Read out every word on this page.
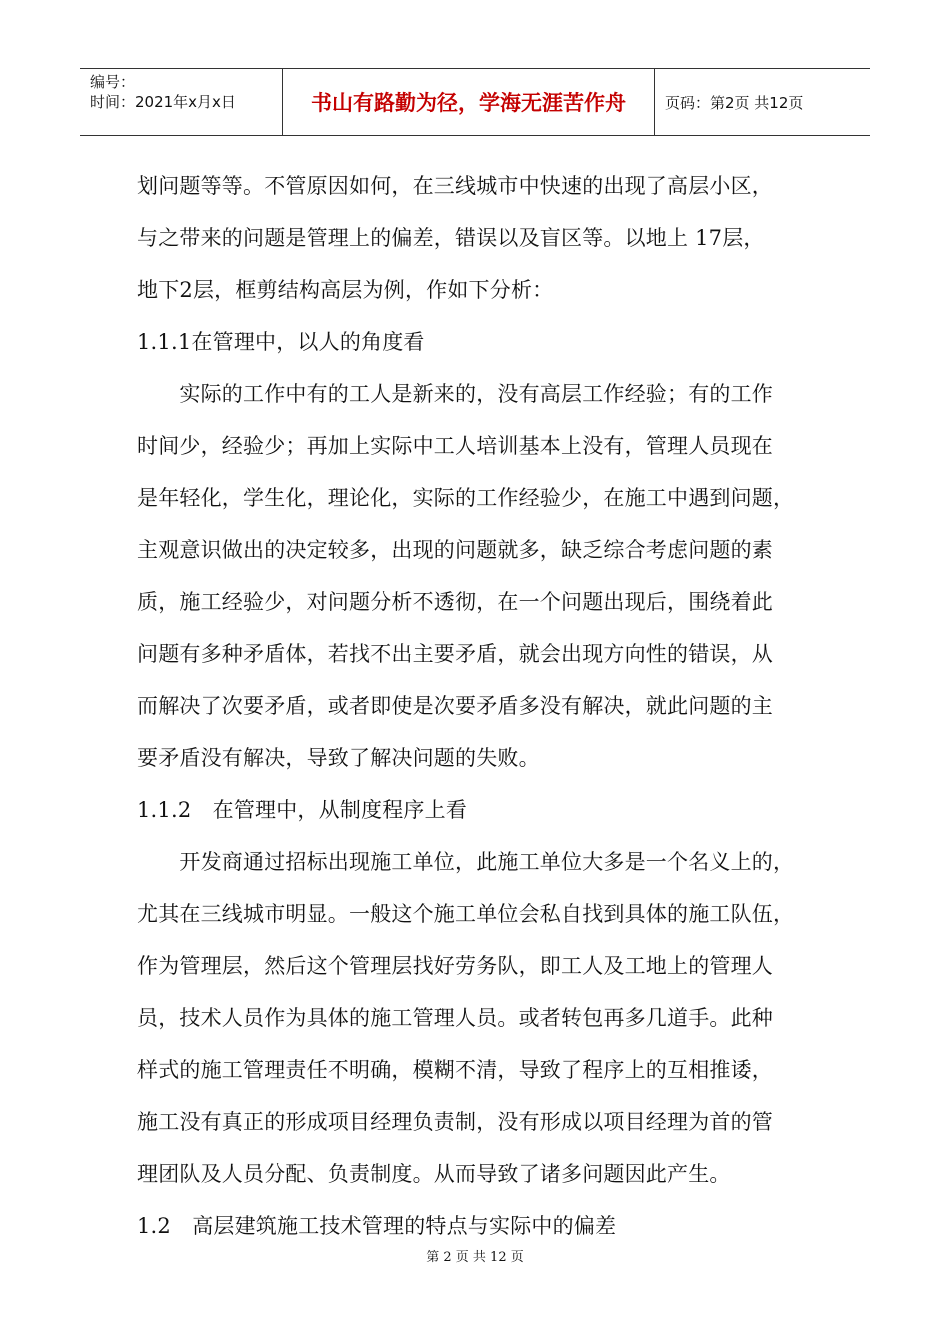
编号：
时间：2021年x月x日	书山有路勤为径，学海无涯苦作舟	页码：第2页 共12页
划问题等等。不管原因如何，在三线城市中快速的出现了高层小区，
与之带来的问题是管理上的偏差，错误以及盲区等。以地上 17层，
地下2层，框剪结构高层为例，作如下分析：
1.1.1在管理中，以人的角度看
　　实际的工作中有的工人是新来的，没有高层工作经验；有的工作
时间少，经验少；再加上实际中工人培训基本上没有，管理人员现在
是年轻化，学生化，理论化，实际的工作经验少，在施工中遇到问题，
主观意识做出的决定较多，出现的问题就多，缺乏综合考虑问题的素
质，施工经验少，对问题分析不透彻，在一个问题出现后，围绕着此
问题有多种矛盾体，若找不出主要矛盾，就会出现方向性的错误，从
而解决了次要矛盾，或者即使是次要矛盾多没有解决，就此问题的主
要矛盾没有解决，导致了解决问题的失败。
1.1.2　在管理中，从制度程序上看
　　开发商通过招标出现施工单位，此施工单位大多是一个名义上的，
尤其在三线城市明显。一般这个施工单位会私自找到具体的施工队伍，
作为管理层，然后这个管理层找好劳务队，即工人及工地上的管理人
员，技术人员作为具体的施工管理人员。或者转包再多几道手。此种
样式的施工管理责任不明确，模糊不清，导致了程序上的互相推诿，
施工没有真正的形成项目经理负责制，没有形成以项目经理为首的管
理团队及人员分配、负责制度。从而导致了诸多问题因此产生。
1.2　高层建筑施工技术管理的特点与实际中的偏差
第 2 页 共 12 页
